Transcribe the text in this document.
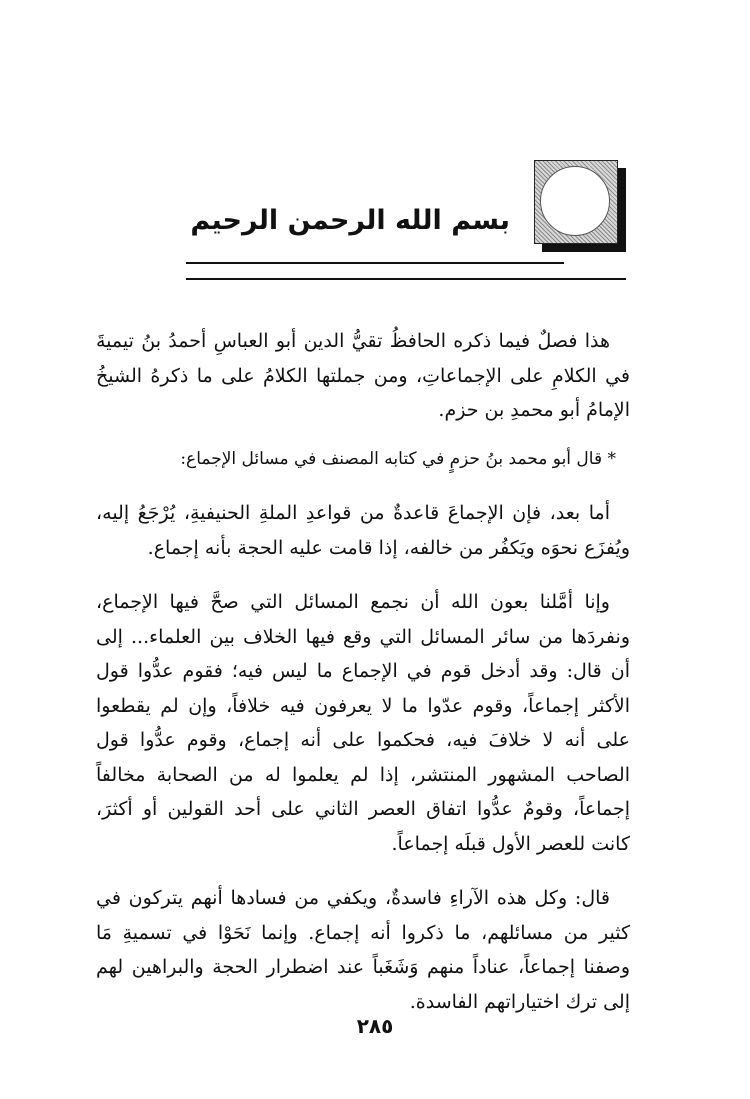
بسم الله الرحمن الرحيم

هذا فصلٌ فيما ذكره الحافظُ تقيُّ الدين أبو العباسِ أحمدُ بنُ تيميةَ في الكلامِ على الإجماعاتِ، ومن جملتها الكلامُ على ما ذكرهُ الشيخُ الإمامُ أبو محمدِ بن حزم.

* قال أبو محمد بنُ حزمٍ في كتابه المصنف في مسائل الإجماع:

أما بعد، فإن الإجماعَ قاعدةٌ من قواعدِ الملةِ الحنيفيةِ، يُرْجَعُ إليه، ويُفزَع نحوَه ويَكفُر من خالفه، إذا قامت عليه الحجة بأنه إجماع.

وإنا أمَّلنا بعون الله أن نجمع المسائل التي صحَّ فيها الإجماع، ونفردَها من سائر المسائل التي وقع فيها الخلاف بين العلماء... إلى أن قال: وقد أدخل قوم في الإجماع ما ليس فيه؛ فقوم عدُّوا قول الأكثر إجماعاً، وقوم عدّوا ما لا يعرفون فيه خلافاً، وإن لم يقطعوا على أنه لا خلافَ فيه، فحكموا على أنه إجماع، وقوم عدُّوا قول الصاحب المشهور المنتشر، إذا لم يعلموا له من الصحابة مخالفاً إجماعاً، وقومٌ عدُّوا اتفاق العصر الثاني على أحد القولين أو أكثرَ، كانت للعصر الأول قبلَه إجماعاً.

قال: وكل هذه الآراءِ فاسدةٌ، ويكفي من فسادها أنهم يتركون في كثير من مسائلهم، ما ذكروا أنه إجماع. وإنما نَحَوْا في تسميةِ مَا وصفنا إجماعاً، عناداً منهم وَشَغَباً عند اضطرار الحجة والبراهين لهم إلى ترك اختياراتهم الفاسدة.

٢٨٥
